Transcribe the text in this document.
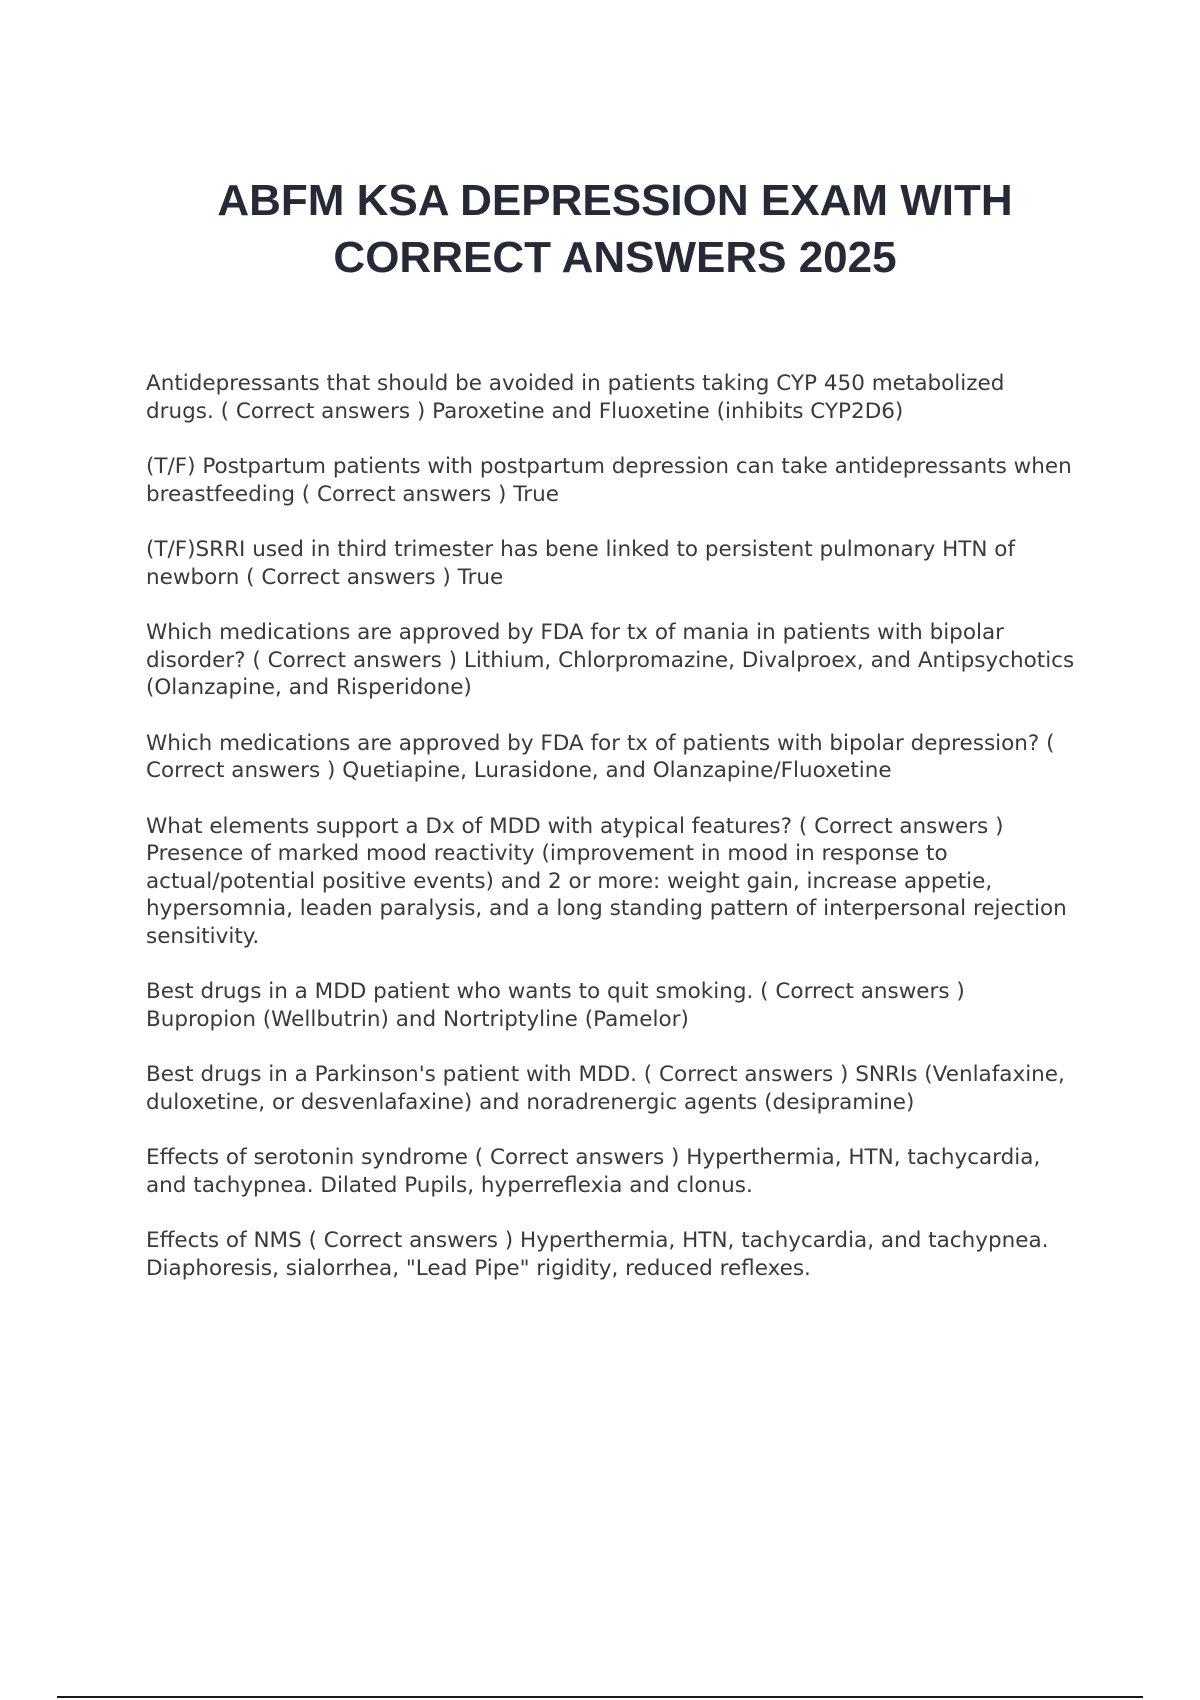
ABFM KSA DEPRESSION EXAM WITH
CORRECT ANSWERS 2025

Antidepressants that should be avoided in patients taking CYP 450 metabolized drugs. ( Correct answers ) Paroxetine and Fluoxetine (inhibits CYP2D6)

(T/F) Postpartum patients with postpartum depression can take antidepressants when breastfeeding ( Correct answers ) True

(T/F)SRRI used in third trimester has bene linked to persistent pulmonary HTN of newborn ( Correct answers ) True

Which medications are approved by FDA for tx of mania in patients with bipolar disorder? ( Correct answers ) Lithium, Chlorpromazine, Divalproex, and Antipsychotics (Olanzapine, and Risperidone)

Which medications are approved by FDA for tx of patients with bipolar depression? ( Correct answers ) Quetiapine, Lurasidone, and Olanzapine/Fluoxetine

What elements support a Dx of MDD with atypical features? ( Correct answers ) Presence of marked mood reactivity (improvement in mood in response to actual/potential positive events) and 2 or more: weight gain, increase appetie, hypersomnia, leaden paralysis, and a long standing pattern of interpersonal rejection sensitivity.

Best drugs in a MDD patient who wants to quit smoking. ( Correct answers ) Bupropion (Wellbutrin) and Nortriptyline (Pamelor)

Best drugs in a Parkinson's patient with MDD. ( Correct answers ) SNRIs (Venlafaxine, duloxetine, or desvenlafaxine) and noradrenergic agents (desipramine)

Effects of serotonin syndrome ( Correct answers ) Hyperthermia, HTN, tachycardia, and tachypnea. Dilated Pupils, hyperreflexia and clonus.

Effects of NMS ( Correct answers ) Hyperthermia, HTN, tachycardia, and tachypnea. Diaphoresis, sialorrhea, "Lead Pipe" rigidity, reduced reflexes.
